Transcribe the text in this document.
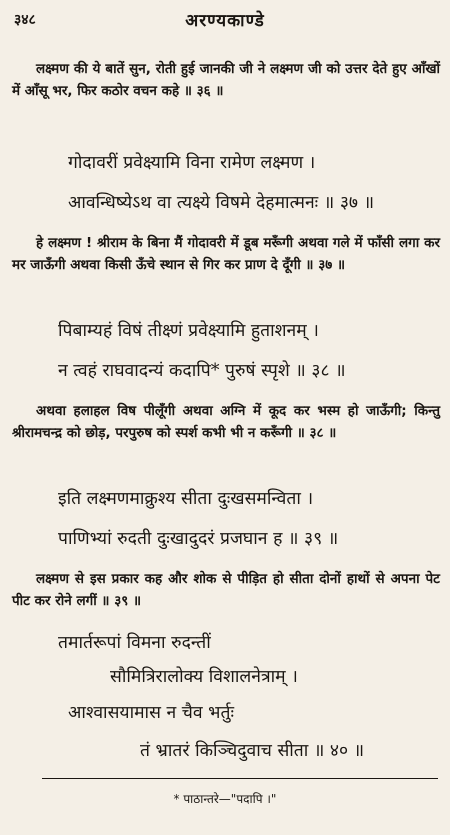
३४८	अरण्यकाण्डे
लक्ष्मण की ये बातें सुन, रोती हुई जानकी जी ने लक्ष्मण जी को उत्तर देते हुए आँखों में आँसू भर, फिर कठोर वचन कहे ॥ ३६ ॥
गोदावरीं प्रवेक्ष्यामि विना रामेण लक्ष्मण ।
आवन्धिष्येऽथ वा त्यक्ष्ये विषमे देहमात्मनः ॥ ३७ ॥
हे लक्ष्मण ! श्रीराम के बिना मैं गोदावरी में डूब मरूँगी अथवा गले में फाँसी लगा कर मर जाऊँगी अथवा किसी ऊँचे स्थान से गिर कर प्राण दे दूँगी ॥ ३७ ॥
पिबाम्यहं विषं तीक्ष्णं प्रवेक्ष्यामि हुताशनम् ।
न त्वहं राघवादन्यं कदापि* पुरुषं स्पृशे ॥ ३८ ॥
अथवा हलाहल विष पीलूँगी अथवा अग्नि में कूद कर भस्म हो जाऊँगी; किन्तु श्रीरामचन्द्र को छोड़, परपुरुष को स्पर्श कभी भी न करूँगी ॥ ३८ ॥
इति लक्ष्मणमाक्रुश्य सीता दुःखसमन्विता ।
पाणिभ्यां रुदती दुःखादुदरं प्रजघान ह ॥ ३९ ॥
लक्ष्मण से इस प्रकार कह और शोक से पीड़ित हो सीता दोनों हाथों से अपना पेट पीट कर रोने लगीं ॥ ३९ ॥
तमार्तरूपां विमना रुदन्तीं
सौमित्रिरालोक्य विशालनेत्राम् ।
आश्वासयामास न चैव भर्तुः
तं भ्रातरं किञ्चिदुवाच सीता ॥ ४० ॥
* पाठान्तरे—"पदापि ।"
